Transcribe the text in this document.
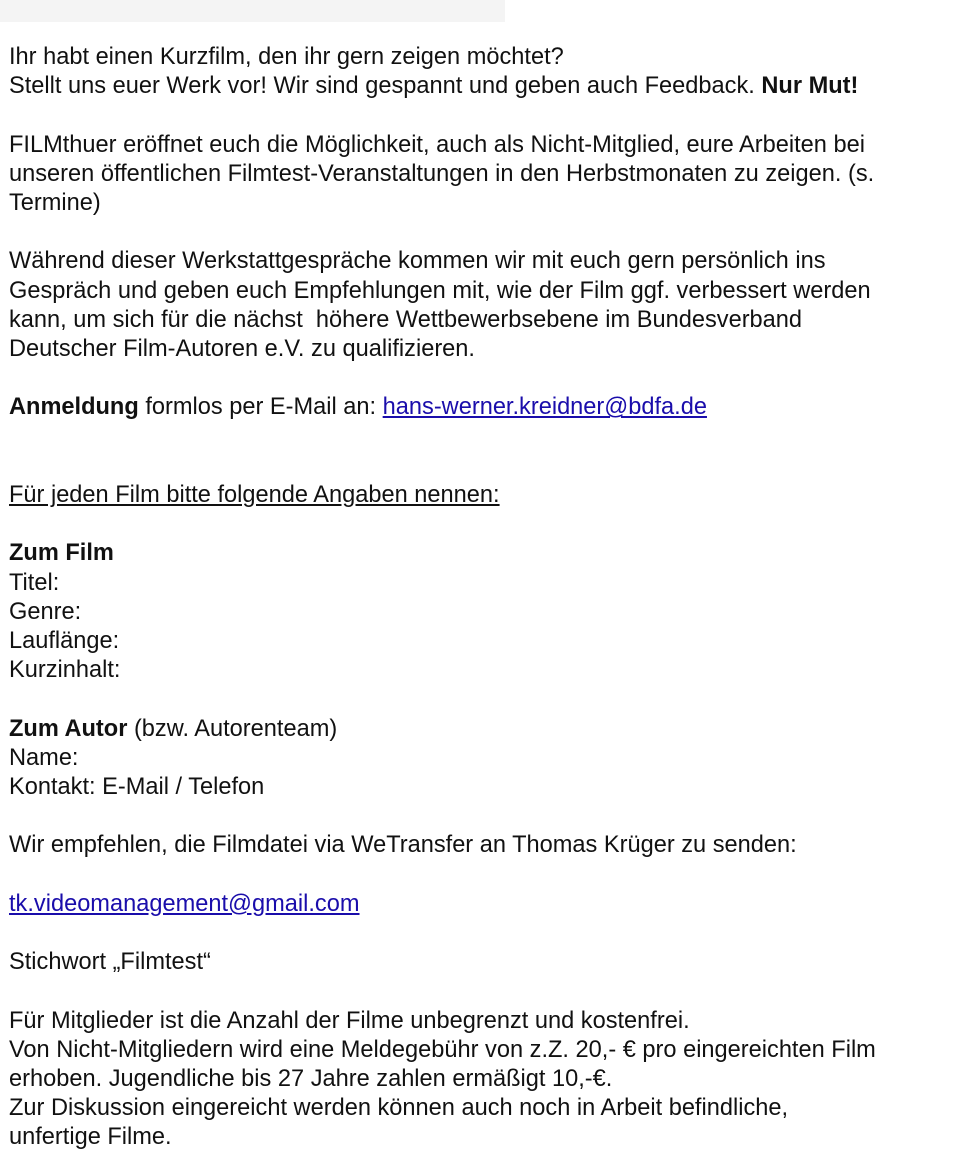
Ihr habt einen Kurzfilm, den ihr gern zeigen möchtet?
Stellt uns euer Werk vor! Wir sind gespannt und geben auch Feedback. Nur Mut!
FILMthuer eröffnet euch die Möglichkeit, auch als Nicht-Mitglied, eure Arbeiten bei
unseren öffentlichen Filmtest-Veranstaltungen in den Herbstmonaten zu zeigen. (s.
Termine)
Während dieser Werkstattgespräche kommen wir mit euch gern persönlich ins
Gespräch und geben euch Empfehlungen mit, wie der Film ggf. verbessert werden
kann, um sich für die nächst  höhere Wettbewerbsebene im Bundesverband
Deutscher Film-Autoren e.V. zu qualifizieren.
Anmeldung formlos per E-Mail an: hans-werner.kreidner@bdfa.de
Für jeden Film bitte folgende Angaben nennen:
Zum Film
Titel:
Genre:
Lauflänge:
Kurzinhalt:
Zum Autor (bzw. Autorenteam)
Name:
Kontakt: E-Mail / Telefon
Wir empfehlen, die Filmdatei via WeTransfer an Thomas Krüger zu senden:
tk.videomanagement@gmail.com
Stichwort „Filmtest“
Für Mitglieder ist die Anzahl der Filme unbegrenzt und kostenfrei.
Von Nicht-Mitgliedern wird eine Meldegebühr von z.Z. 20,- € pro eingereichten Film
erhoben. Jugendliche bis 27 Jahre zahlen ermäßigt 10,-€.
Zur Diskussion eingereicht werden können auch noch in Arbeit befindliche,
unfertige Filme.
